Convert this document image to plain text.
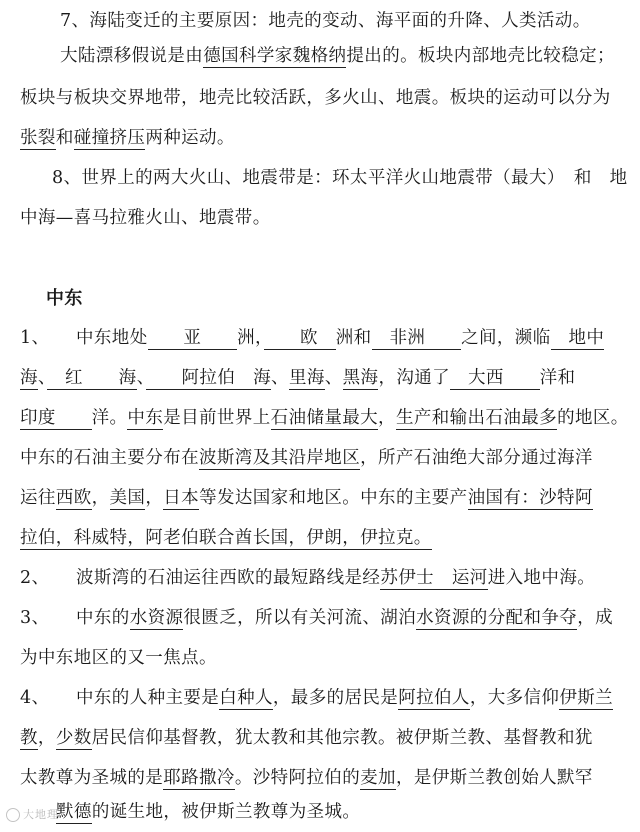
7、海陆变迁的主要原因：地壳的变动、海平面的升降、人类活动。
大陆漂移假说是由德国科学家魏格纳提出的。板块内部地壳比较稳定；
板块与板块交界地带，地壳比较活跃，多火山、地震。板块的运动可以分为
张裂和碰撞挤压两种运动。
8、世界上的两大火山、地震带是：环太平洋火山地震带（最大）　和　地
中海—喜马拉雅火山、地震带。
中东
1、 中东地处　　亚　　洲，　　欧　洲和　非洲　　之间，濒临　地中
海、　红　　海、　　阿拉伯　海、里海、黑海，沟通了　大西　　洋和
印度　　洋。中东是目前世界上石油储量最大，生产和输出石油最多的地区。
中东的石油主要分布在波斯湾及其沿岸地区，所产石油绝大部分通过海洋
运往西欧，美国，日本等发达国家和地区。中东的主要产油国有：沙特阿
拉伯，科威特，阿老伯联合酋长国，伊朗，伊拉克。
2、 波斯湾的石油运往西欧的最短路线是经苏伊士　运河进入地中海。
3、 中东的水资源很匮乏，所以有关河流、湖泊水资源的分配和争夺，成
为中东地区的又一焦点。
4、 中东的人种主要是白种人，最多的居民是阿拉伯人，大多信仰伊斯兰
教，少数居民信仰基督教，犹太教和其他宗教。被伊斯兰教、基督教和犹
太教尊为圣城的是耶路撒冷。沙特阿拉伯的麦加，是伊斯兰教创始人默罕
默德的诞生地，被伊斯兰教尊为圣城。
大地理
